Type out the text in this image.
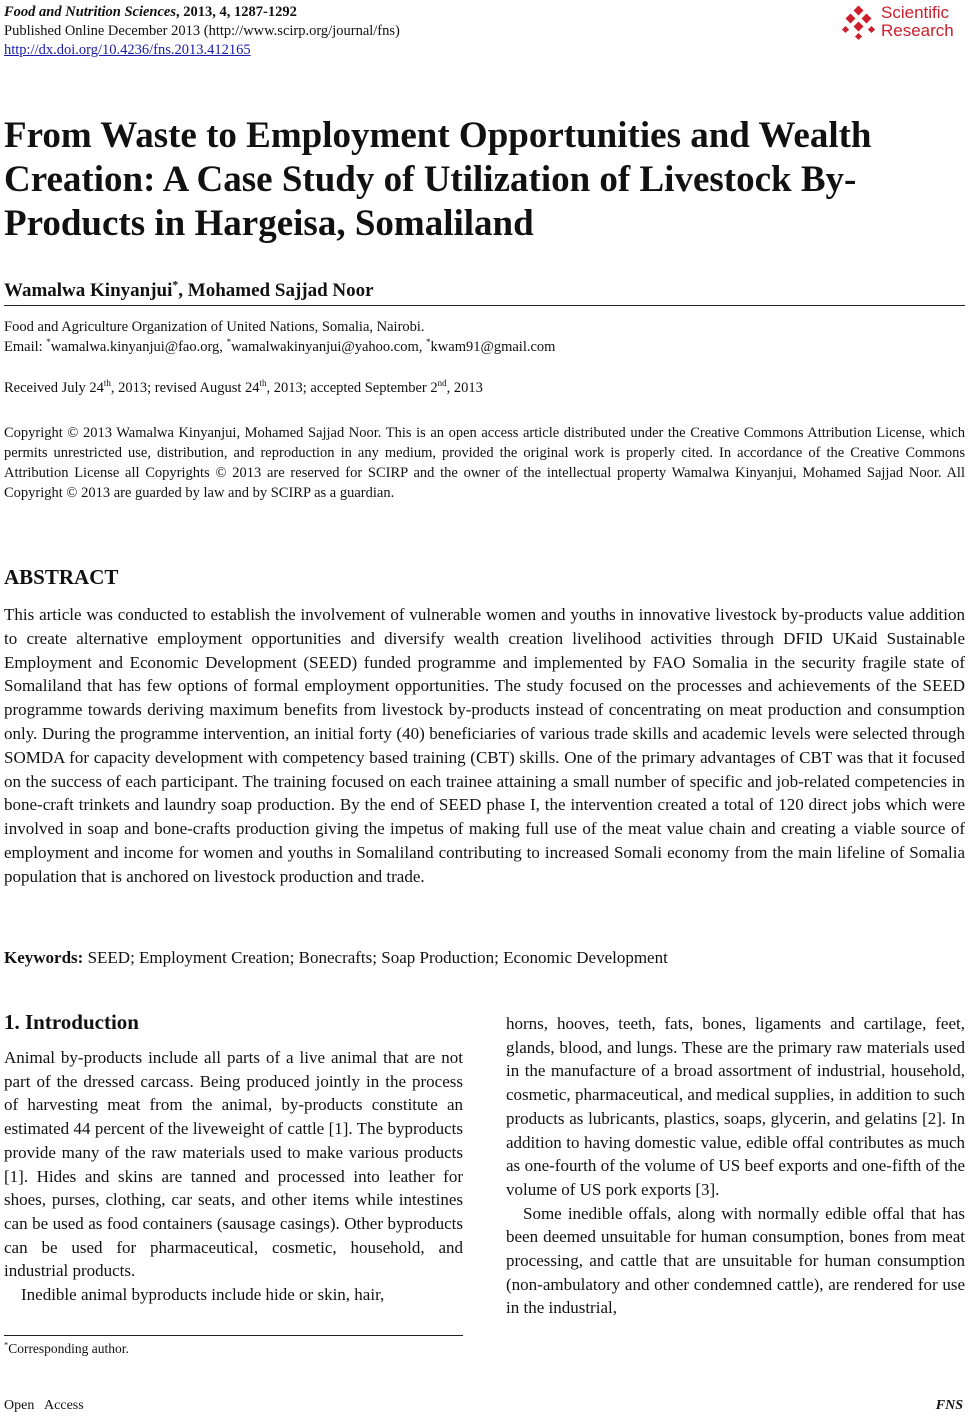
Food and Nutrition Sciences, 2013, 4, 1287-1292
Published Online December 2013 (http://www.scirp.org/journal/fns)
http://dx.doi.org/10.4236/fns.2013.412165
Scientific
Research
From Waste to Employment Opportunities and Wealth Creation: A Case Study of Utilization of Livestock By-Products in Hargeisa, Somaliland
Wamalwa Kinyanjui*, Mohamed Sajjad Noor
Food and Agriculture Organization of United Nations, Somalia, Nairobi.
Email: *wamalwa.kinyanjui@fao.org, *wamalwakinyanjui@yahoo.com, *kwam91@gmail.com
Received July 24th, 2013; revised August 24th, 2013; accepted September 2nd, 2013
Copyright © 2013 Wamalwa Kinyanjui, Mohamed Sajjad Noor. This is an open access article distributed under the Creative Commons Attribution License, which permits unrestricted use, distribution, and reproduction in any medium, provided the original work is properly cited. In accordance of the Creative Commons Attribution License all Copyrights © 2013 are reserved for SCIRP and the owner of the intellectual property Wamalwa Kinyanjui, Mohamed Sajjad Noor. All Copyright © 2013 are guarded by law and by SCIRP as a guardian.
ABSTRACT
This article was conducted to establish the involvement of vulnerable women and youths in innovative livestock by-products value addition to create alternative employment opportunities and diversify wealth creation livelihood activities through DFID UKaid Sustainable Employment and Economic Development (SEED) funded programme and implemented by FAO Somalia in the security fragile state of Somaliland that has few options of formal employment opportunities. The study focused on the processes and achievements of the SEED programme towards deriving maximum benefits from livestock by-products instead of concentrating on meat production and consumption only. During the programme intervention, an initial forty (40) beneficiaries of various trade skills and academic levels were selected through SOMDA for capacity development with competency based training (CBT) skills. One of the primary advantages of CBT was that it focused on the success of each participant. The training focused on each trainee attaining a small number of specific and job-related competencies in bone-craft trinkets and laundry soap production. By the end of SEED phase I, the intervention created a total of 120 direct jobs which were involved in soap and bone-crafts production giving the impetus of making full use of the meat value chain and creating a viable source of employment and income for women and youths in Somaliland contributing to increased Somali economy from the main lifeline of Somalia population that is anchored on livestock production and trade.
Keywords: SEED; Employment Creation; Bonecrafts; Soap Production; Economic Development
1. Introduction

Animal by-products include all parts of a live animal that are not part of the dressed carcass. Being produced jointly in the process of harvesting meat from the animal, by-products constitute an estimated 44 percent of the liveweight of cattle [1]. The byproducts provide many of the raw materials used to make various products [1]. Hides and skins are tanned and processed into leather for shoes, purses, clothing, car seats, and other items while intestines can be used as food containers (sausage casings). Other byproducts can be used for pharmaceutical, cosmetic, household, and industrial products.

Inedible animal byproducts include hide or skin, hair,

horns, hooves, teeth, fats, bones, ligaments and cartilage, feet, glands, blood, and lungs. These are the primary raw materials used in the manufacture of a broad assortment of industrial, household, cosmetic, pharmaceutical, and medical supplies, in addition to such products as lubricants, plastics, soaps, glycerin, and gelatins [2]. In addition to having domestic value, edible offal contributes as much as one-fourth of the volume of US beef exports and one-fifth of the volume of US pork exports [3].

Some inedible offals, along with normally edible offal that has been deemed unsuitable for human consumption, bones from meat processing, and cattle that are unsuitable for human consumption (non-ambulatory and other condemned cattle), are rendered for use in the industrial,

*Corresponding author.
Open   Access	FNS
